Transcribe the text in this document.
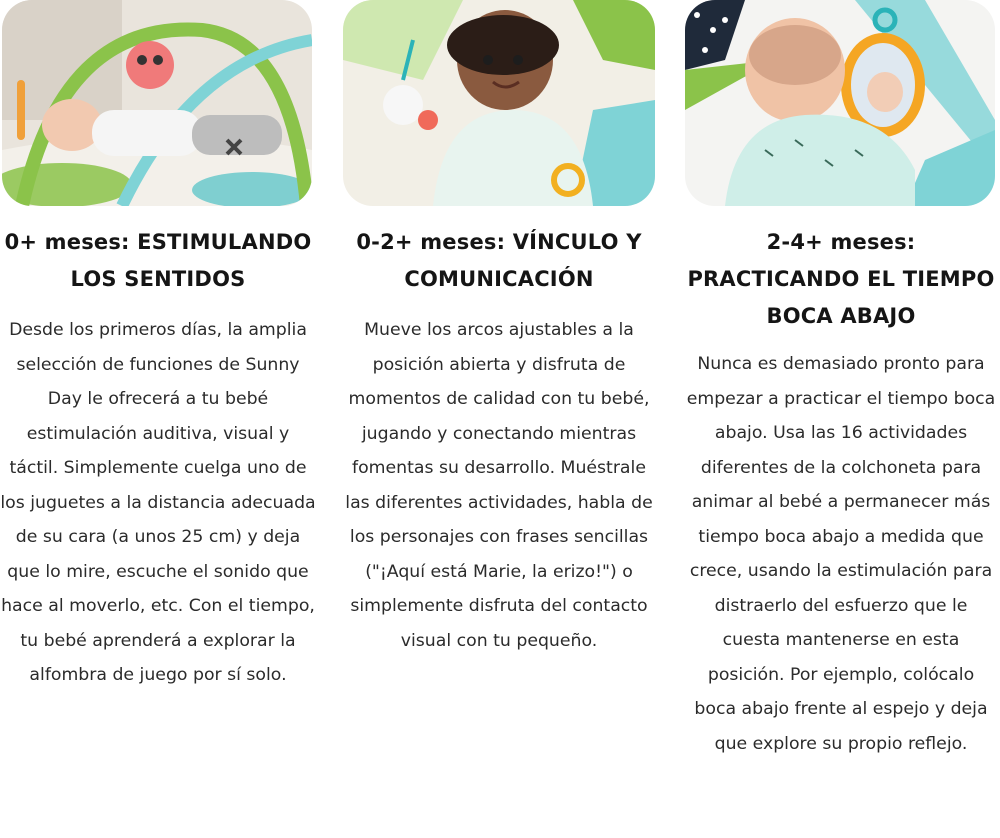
0+ meses: ESTIMULANDO LOS SENTIDOS
Desde los primeros días, la amplia selección de funciones de Sunny Day le ofrecerá a tu bebé estimulación auditiva, visual y táctil. Simplemente cuelga uno de los juguetes a la distancia adecuada de su cara (a unos 25 cm) y deja que lo mire, escuche el sonido que hace al moverlo, etc. Con el tiempo, tu bebé aprenderá a explorar la alfombra de juego por sí solo.
0-2+ meses: VÍNCULO Y COMUNICACIÓN
Mueve los arcos ajustables a la posición abierta y disfruta de momentos de calidad con tu bebé, jugando y conectando mientras fomentas su desarrollo. Muéstrale las diferentes actividades, habla de los personajes con frases sencillas ("¡Aquí está Marie, la erizo!") o simplemente disfruta del contacto visual con tu pequeño.
2-4+ meses: PRACTICANDO EL TIEMPO BOCA ABAJO
Nunca es demasiado pronto para empezar a practicar el tiempo boca abajo. Usa las 16 actividades diferentes de la colchoneta para animar al bebé a permanecer más tiempo boca abajo a medida que crece, usando la estimulación para distraerlo del esfuerzo que le cuesta mantenerse en esta posición. Por ejemplo, colócalo boca abajo frente al espejo y deja que explore su propio reflejo.
